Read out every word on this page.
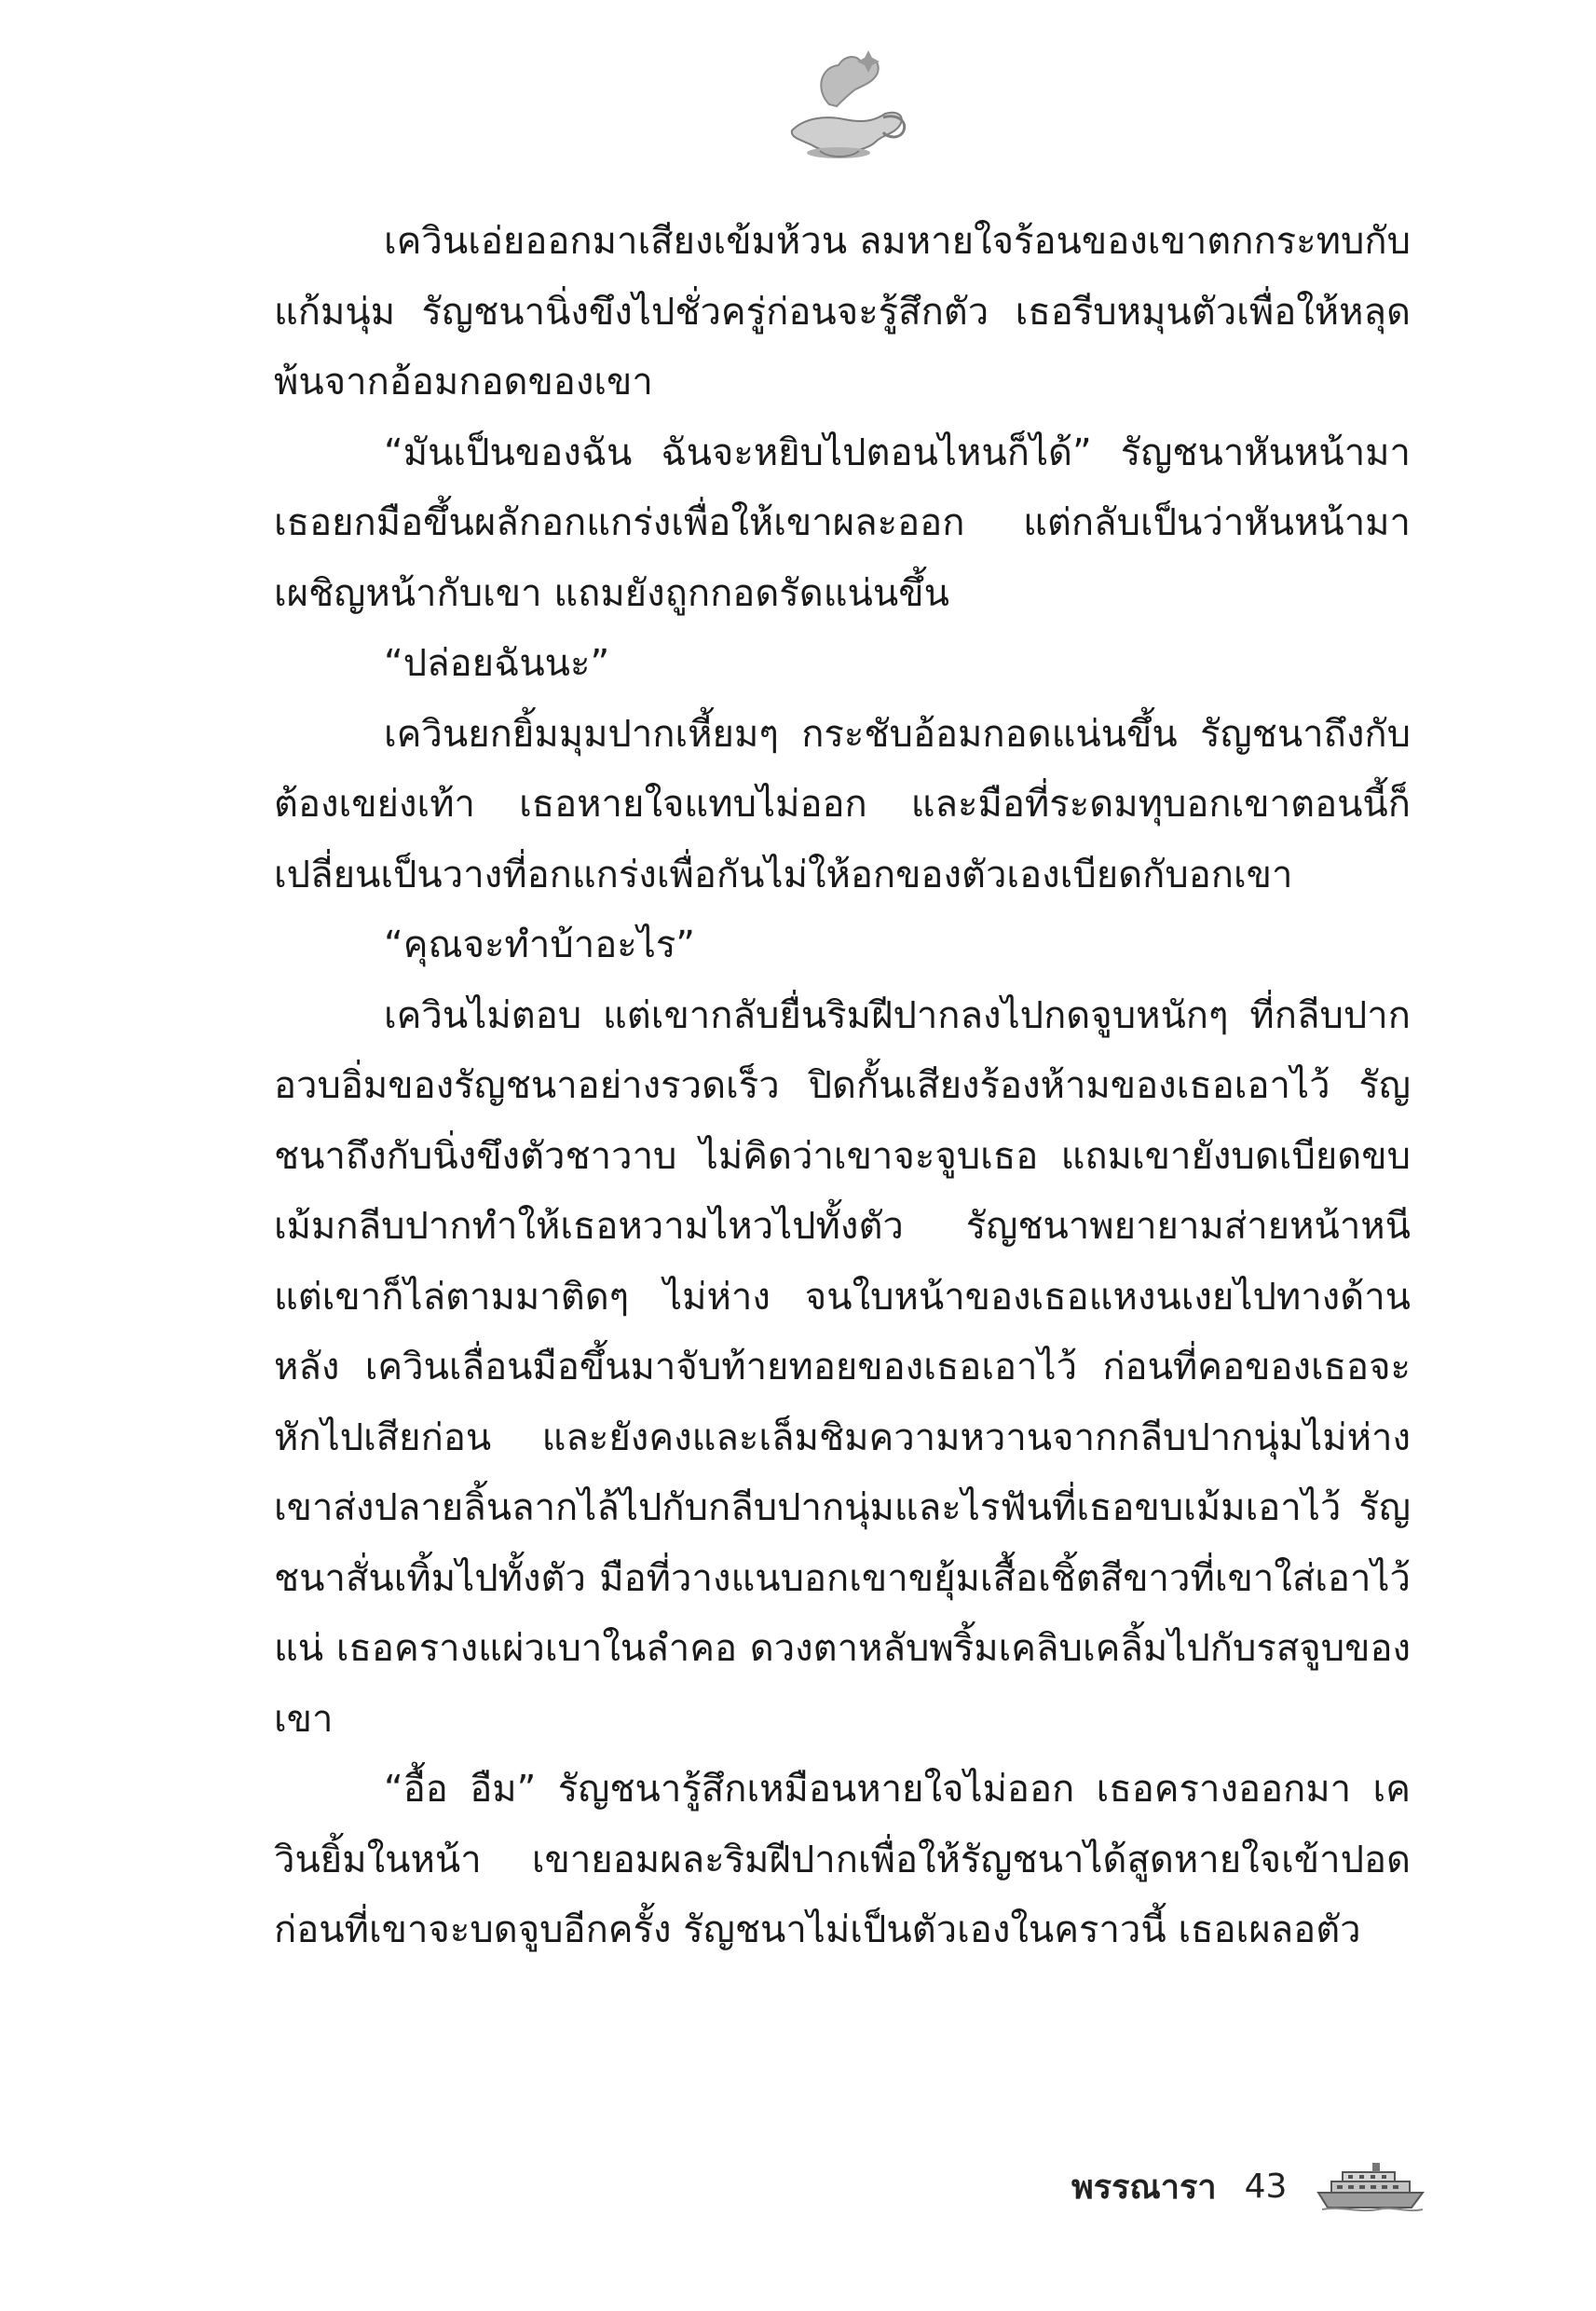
เควินเอ่ยออกมาเสียงเข้มห้วน ลมหายใจร้อนของเขาตกกระทบกับแก้มนุ่ม รัญชนานิ่งขึงไปชั่วครู่ก่อนจะรู้สึกตัว เธอรีบหมุนตัวเพื่อให้หลุดพ้นจากอ้อมกอดของเขา

“มันเป็นของฉัน ฉันจะหยิบไปตอนไหนก็ได้” รัญชนาหันหน้ามา เธอยกมือขึ้นผลักอกแกร่งเพื่อให้เขาผละออก แต่กลับเป็นว่าหันหน้ามาเผชิญหน้ากับเขา แถมยังถูกกอดรัดแน่นขึ้น

“ปล่อยฉันนะ”

เควินยกยิ้มมุมปากเหี้ยมๆ กระชับอ้อมกอดแน่นขึ้น รัญชนาถึงกับต้องเขย่งเท้า เธอหายใจแทบไม่ออก และมือที่ระดมทุบอกเขาตอนนี้ก็เปลี่ยนเป็นวางที่อกแกร่งเพื่อกันไม่ให้อกของตัวเองเบียดกับอกเขา

“คุณจะทำบ้าอะไร”

เควินไม่ตอบ แต่เขากลับยื่นริมฝีปากลงไปกดจูบหนักๆ ที่กลีบปากอวบอิ่มของรัญชนาอย่างรวดเร็ว ปิดกั้นเสียงร้องห้ามของเธอเอาไว้ รัญชนาถึงกับนิ่งขึงตัวชาวาบ ไม่คิดว่าเขาจะจูบเธอ แถมเขายังบดเบียดขบเม้มกลีบปากทำให้เธอหวามไหวไปทั้งตัว รัญชนาพยายามส่ายหน้าหนี แต่เขาก็ไล่ตามมาติดๆ ไม่ห่าง จนใบหน้าของเธอแหงนเงยไปทางด้านหลัง เควินเลื่อนมือขึ้นมาจับท้ายทอยของเธอเอาไว้ ก่อนที่คอของเธอจะหักไปเสียก่อน และยังคงและเล็มชิมความหวานจากกลีบปากนุ่มไม่ห่าง เขาส่งปลายลิ้นลากไล้ไปกับกลีบปากนุ่มและไรฟันที่เธอขบเม้มเอาไว้ รัญชนาสั่นเทิ้มไปทั้งตัว มือที่วางแนบอกเขาขยุ้มเสื้อเชิ้ตสีขาวที่เขาใส่เอาไว้แน่ เธอครางแผ่วเบาในลำคอ ดวงตาหลับพริ้มเคลิบเคลิ้มไปกับรสจูบของเขา

“อื้อ อืม” รัญชนารู้สึกเหมือนหายใจไม่ออก เธอครางออกมา เควินยิ้มในหน้า เขายอมผละริมฝีปากเพื่อให้รัญชนาได้สูดหายใจเข้าปอดก่อนที่เขาจะบดจูบอีกครั้ง รัญชนาไม่เป็นตัวเองในคราวนี้ เธอเผลอตัว

พรรณารา 43
